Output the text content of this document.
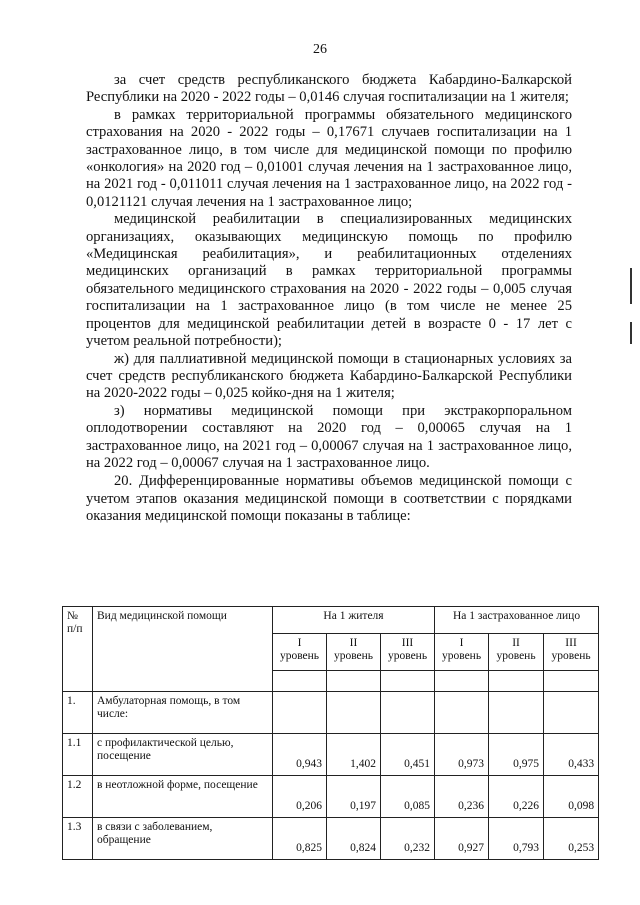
26

за счет средств республиканского бюджета Кабардино-Балкарской Республики на 2020 - 2022 годы – 0,0146 случая госпитализации на 1 жителя;

в рамках территориальной программы обязательного медицинского страхования на 2020 - 2022 годы – 0,17671 случаев госпитализации на 1 застрахованное лицо, в том числе для медицинской помощи по профилю «онкология» на 2020 год – 0,01001 случая лечения на 1 застрахованное лицо, на 2021 год - 0,011011 случая лечения на 1 застрахованное лицо, на 2022 год - 0,0121121 случая лечения на 1 застрахованное лицо;

медицинской реабилитации в специализированных медицинских организациях, оказывающих медицинскую помощь по профилю «Медицинская реабилитация», и реабилитационных отделениях медицинских организаций в рамках территориальной программы обязательного медицинского страхования на 2020 - 2022 годы – 0,005 случая госпитализации на 1 застрахованное лицо (в том числе не менее 25 процентов для медицинской реабилитации детей в возрасте 0 - 17 лет с учетом реальной потребности);

ж) для паллиативной медицинской помощи в стационарных условиях за счет средств республиканского бюджета Кабардино-Балкарской Республики на 2020-2022 годы – 0,025 койко-дня на 1 жителя;

з) нормативы медицинской помощи при экстракорпоральном оплодотворении составляют на 2020 год – 0,00065 случая на 1 застрахованное лицо, на 2021 год – 0,00067 случая на 1 застрахованное лицо, на 2022 год – 0,00067 случая на 1 застрахованное лицо.

20. Дифференцированные нормативы объемов медицинской помощи с учетом этапов оказания медицинской помощи в соответствии с порядками оказания медицинской помощи показаны в таблице:

№ п/п	Вид медицинской помощи	На 1 жителя			На 1 застрахованное лицо		
		I уровень	II уровень	III уровень	I уровень	II уровень	III уровень

1.	Амбулаторная помощь, в том числе:						
1.1	с профилактической целью, посещение	0,943	1,402	0,451	0,973	0,975	0,433
1.2	в неотложной форме, посещение	0,206	0,197	0,085	0,236	0,226	0,098
1.3	в связи с заболеванием, обращение	0,825	0,824	0,232	0,927	0,793	0,253
